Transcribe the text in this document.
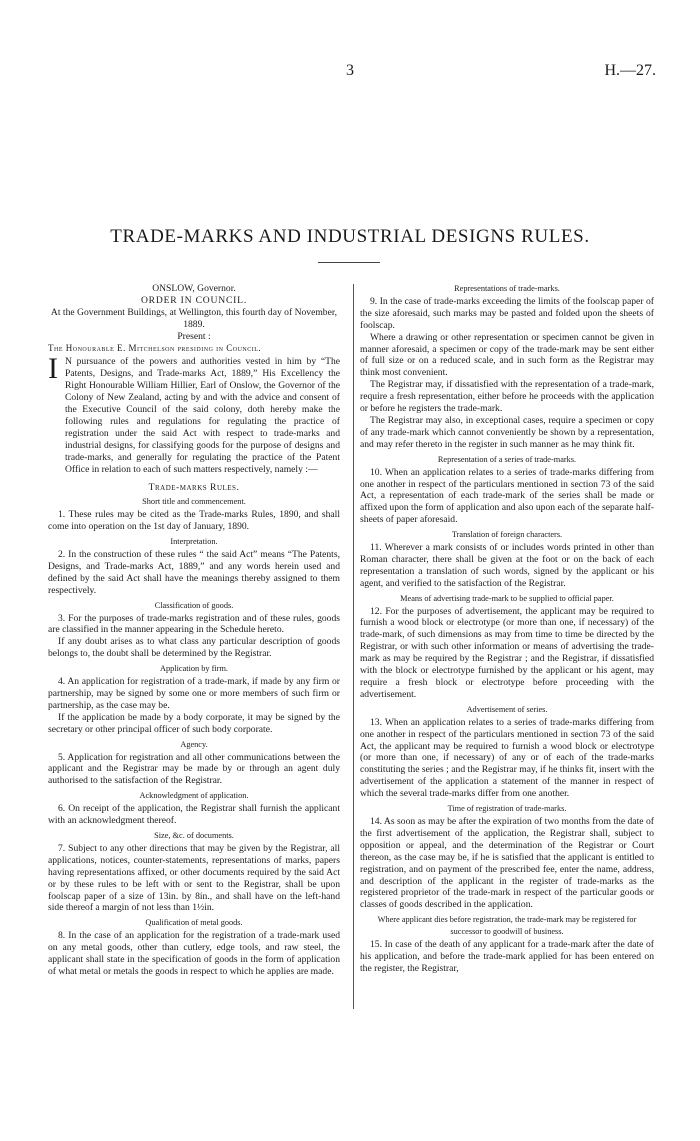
3	H.—27.
TRADE-MARKS AND INDUSTRIAL DESIGNS RULES.

ONSLOW, Governor.

ORDER IN COUNCIL.

At the Government Buildings, at Wellington, this fourth day of November, 1889.

Present :

The Honourable E. Mitchelson presiding in Council.

I N pursuance of the powers and authorities vested in him by “The Patents, Designs, and Trade-marks Act, 1889,” His Excellency the Right Honourable William Hillier, Earl of Onslow, the Governor of the Colony of New Zealand, acting by and with the advice and consent of the Executive Council of the said colony, doth hereby make the following rules and regulations for regulating the practice of registration under the said Act with respect to trade-marks and industrial designs, for classifying goods for the purpose of designs and trade-marks, and generally for regulating the practice of the Patent Office in relation to each of such matters respectively, namely :—
Trade-marks Rules.
Short title and commencement.

1. These rules may be cited as the Trade-marks Rules, 1890, and shall come into operation on the 1st day of January, 1890.

Interpretation.

2. In the construction of these rules “ the said Act” means “The Patents, Designs, and Trade-marks Act, 1889,” and any words herein used and defined by the said Act shall have the meanings thereby assigned to them respectively.

Classification of goods.

3. For the purposes of trade-marks registration and of these rules, goods are classified in the manner appearing in the Schedule hereto.

If any doubt arises as to what class any particular description of goods belongs to, the doubt shall be determined by the Registrar.

Application by firm.

4. An application for registration of a trade-mark, if made by any firm or partnership, may be signed by some one or more members of such firm or partnership, as the case may be.

If the application be made by a body corporate, it may be signed by the secretary or other principal officer of such body corporate.

Agency.

5. Application for registration and all other communications between the applicant and the Registrar may be made by or through an agent duly authorised to the satisfaction of the Registrar.

Acknowledgment of application.

6. On receipt of the application, the Registrar shall furnish the applicant with an acknowledgment thereof.

Size, &c. of documents.

7. Subject to any other directions that may be given by the Registrar, all applications, notices, counter-statements, representations of marks, papers having representations affixed, or other documents required by the said Act or by these rules to be left with or sent to the Registrar, shall be upon foolscap paper of a size of 13in. by 8in., and shall have on the left-hand side thereof a margin of not less than 1½in.

Qualification of metal goods.

8. In the case of an application for the registration of a trade-mark used on any metal goods, other than cutlery, edge tools, and raw steel, the applicant shall state in the specification of goods in the form of application of what metal or metals the goods in respect to which he applies are made.

Representations of trade-marks.

9. In the case of trade-marks exceeding the limits of the foolscap paper of the size aforesaid, such marks may be pasted and folded upon the sheets of foolscap.

Where a drawing or other representation or specimen cannot be given in manner aforesaid, a specimen or copy of the trade-mark may be sent either of full size or on a reduced scale, and in such form as the Registrar may think most convenient.

The Registrar may, if dissatisfied with the representation of a trade-mark, require a fresh representation, either before he proceeds with the application or before he registers the trade-mark.

The Registrar may also, in exceptional cases, require a specimen or copy of any trade-mark which cannot conveniently be shown by a representation, and may refer thereto in the register in such manner as he may think fit.

Representation of a series of trade-marks.

10. When an application relates to a series of trade-marks differing from one another in respect of the particulars mentioned in section 73 of the said Act, a representation of each trade-mark of the series shall be made or affixed upon the form of application and also upon each of the separate half-sheets of paper aforesaid.

Translation of foreign characters.

11. Wherever a mark consists of or includes words printed in other than Roman character, there shall be given at the foot or on the back of each representation a translation of such words, signed by the applicant or his agent, and verified to the satisfaction of the Registrar.

Means of advertising trade-mark to be supplied to official paper.

12. For the purposes of advertisement, the applicant may be required to furnish a wood block or electrotype (or more than one, if necessary) of the trade-mark, of such dimensions as may from time to time be directed by the Registrar, or with such other information or means of advertising the trade-mark as may be required by the Registrar ; and the Registrar, if dissatisfied with the block or electrotype furnished by the applicant or his agent, may require a fresh block or electrotype before proceeding with the advertisement.

Advertisement of series.

13. When an application relates to a series of trade-marks differing from one another in respect of the particulars mentioned in section 73 of the said Act, the applicant may be required to furnish a wood block or electrotype (or more than one, if necessary) of any or of each of the trade-marks constituting the series ; and the Registrar may, if he thinks fit, insert with the advertisement of the application a statement of the manner in respect of which the several trade-marks differ from one another.

Time of registration of trade-marks.

14. As soon as may be after the expiration of two months from the date of the first advertisement of the application, the Registrar shall, subject to opposition or appeal, and the determination of the Registrar or Court thereon, as the case may be, if he is satisfied that the applicant is entitled to registration, and on payment of the prescribed fee, enter the name, address, and description of the applicant in the register of trade-marks as the registered proprietor of the trade-mark in respect of the particular goods or classes of goods described in the application.

Where applicant dies before registration, the trade-mark may be registered for successor to goodwill of business.

15. In case of the death of any applicant for a trade-mark after the date of his application, and before the trade-mark applied for has been entered on the register, the Registrar,
